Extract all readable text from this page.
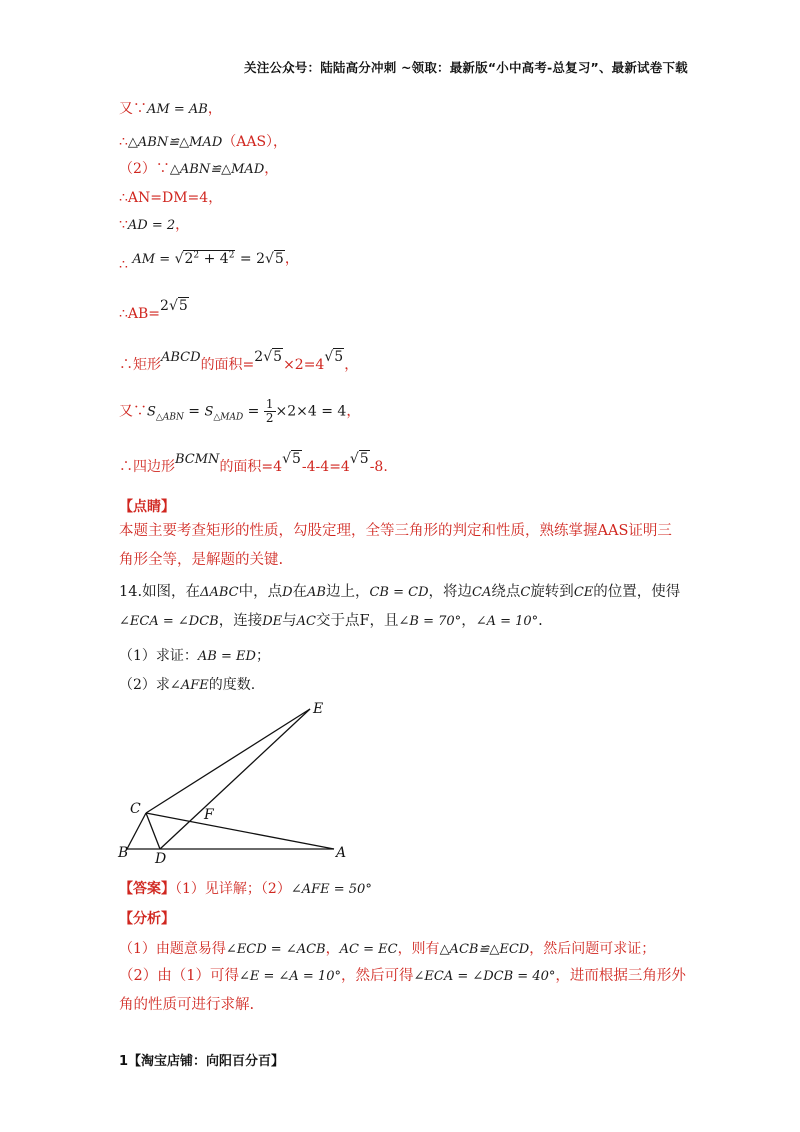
关注公众号：陆陆高分冲刺 ~领取：最新版“小中高考-总复习”、最新试卷下载
又∵AM = AB，
∴△ABN≌△MAD（AAS），
（2）∵△ABN≌△MAD，
∴AN=DM=4，
∵AD = 2，
∴ AM = $√2^2 + 4^2 = 2√5$，
∴AB=2√5
∴矩形ABCD的面积=2√5×2=4√5，
又$\because S_{\triangle ABN} = S_{\triangle MAD} = \frac{1}{2} \times 2\times 4 = 4$，
∴四边形BCMN的面积=4√5-4-4=4√5-8.
【点睛】
本题主要考查矩形的性质，勾股定理，全等三角形的判定和性质，熟练掌握AAS证明三角形全等，是解题的关键.
14.如图，在ΔABC中，点D在AB边上，CB = CD，将边CA绕点C旋转到CE的位置，使得∠ECA = ∠DCB，连接DE与AC交于点F，且∠B = 70°，∠A = 10°.
（1）求证：AB = ED；
（2）求∠AFE的度数.
E
C	F
B D	A
【答案】（1）见详解；（2）∠AFE = 50°
【分析】
（1）由题意易得∠ECD = ∠ACB，AC = EC，则有△ACB≌△ECD，然后问题可求证；
（2）由（1）可得∠E = ∠A = 10°，然后可得∠ECA = ∠DCB = 40°，进而根据三角形外角的性质可进行求解.
1【淘宝店铺：向阳百分百】
